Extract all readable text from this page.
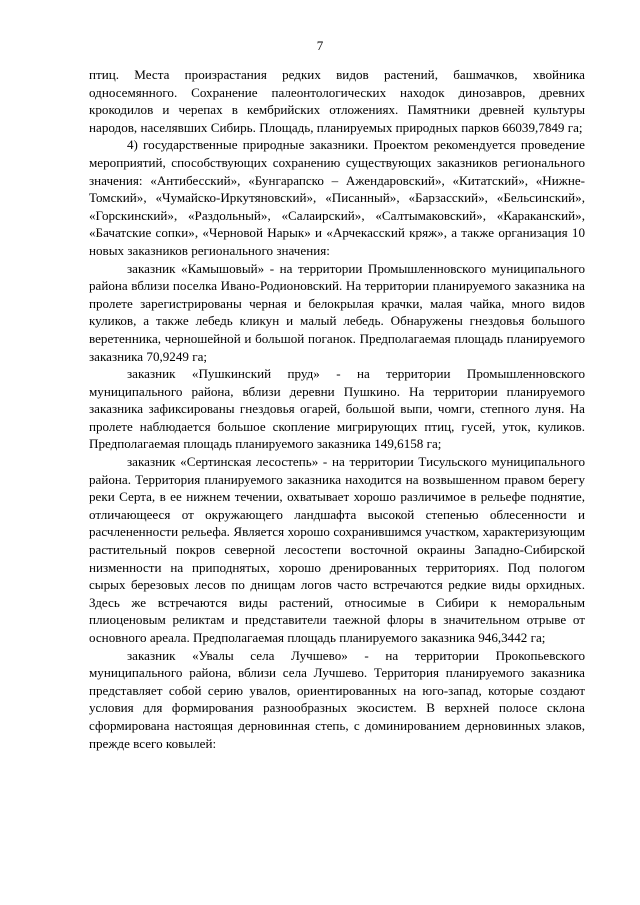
7

птиц. Места произрастания редких видов растений, башмачков, хвойника односемянного. Сохранение палеонтологических находок динозавров, древних крокодилов и черепах в кембрийских отложениях. Памятники древней культуры народов, населявших Сибирь. Площадь, планируемых природных парков 66039,7849 га;

4) государственные природные заказники. Проектом рекомендуется проведение мероприятий, способствующих сохранению существующих заказников регионального значения: «Антибесский», «Бунгарапско – Ажендаровский», «Китатский», «Нижне-Томский», «Чумайско-Иркутяновский», «Писанный», «Барзасский», «Бельсинский», «Горскинский», «Раздольный», «Салаирский», «Салтымаковский», «Караканский», «Бачатские сопки», «Черновой Нарык» и «Арчекасский кряж», а также организация 10 новых заказников регионального значения:

заказник «Камышовый» - на территории Промышленновского муниципального района вблизи поселка Ивано-Родионовский. На территории планируемого заказника на пролете зарегистрированы черная и белокрылая крачки, малая чайка, много видов куликов, а также лебедь кликун и малый лебедь. Обнаружены гнездовья большого веретенника, черношейной и большой поганок. Предполагаемая площадь планируемого заказника 70,9249 га;

заказник «Пушкинский пруд» - на территории Промышленновского муниципального района, вблизи деревни Пушкино. На территории планируемого заказника зафиксированы гнездовья огарей, большой выпи, чомги, степного луня. На пролете наблюдается большое скопление мигрирующих птиц, гусей, уток, куликов. Предполагаемая площадь планируемого заказника 149,6158 га;

заказник «Сертинская лесостепь» - на территории Тисульского муниципального района. Территория планируемого заказника находится на возвышенном правом берегу реки Серта, в ее нижнем течении, охватывает хорошо различимое в рельефе поднятие, отличающееся от окружающего ландшафта высокой степенью облесенности и расчлененности рельефа. Является хорошо сохранившимся участком, характеризующим растительный покров северной лесостепи восточной окраины Западно-Сибирской низменности на приподнятых, хорошо дренированных территориях. Под пологом сырых березовых лесов по днищам логов часто встречаются редкие виды орхидных. Здесь же встречаются виды растений, относимые в Сибири к неморальным плиоценовым реликтам и представители таежной флоры в значительном отрыве от основного ареала. Предполагаемая площадь планируемого заказника 946,3442 га;

заказник «Увалы села Лучшево» - на территории Прокопьевского муниципального района, вблизи села Лучшево. Территория планируемого заказника представляет собой серию увалов, ориентированных на юго-запад, которые создают условия для формирования разнообразных экосистем. В верхней полосе склона сформирована настоящая дерновинная степь, с доминированием дерновинных злаков, прежде всего ковылей:
